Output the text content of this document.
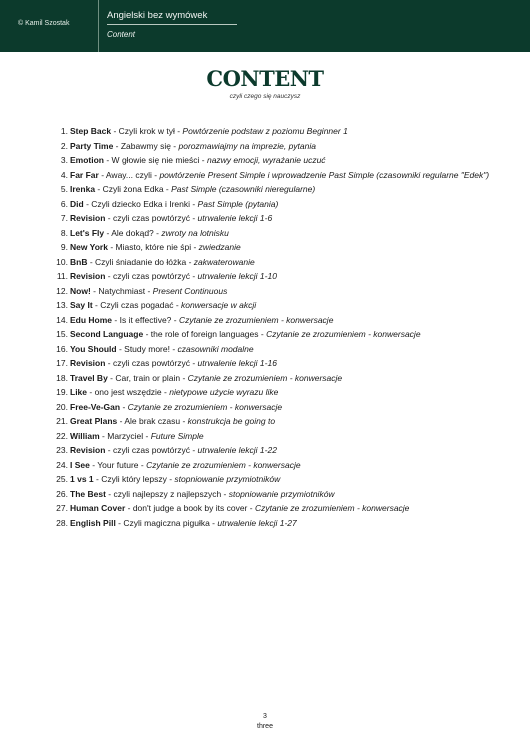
© Kamil Szostak
Angielski bez wymówek
Content
CONTENT
czyli czego się nauczysz
1. Step Back - Czyli krok w tył - Powtórzenie podstaw z poziomu Beginner 1
2. Party Time - Zabawmy się - porozmawiajmy na imprezie, pytania
3. Emotion - W głowie się nie mieści - nazwy emocji, wyrażanie uczuć
4. Far Far - Away... czyli - powtórzenie Present Simple i wprowadzenie Past Simple (czasowniki regularne "Edek")
5. Irenka - Czyli żona Edka - Past Simple (czasowniki nieregularne)
6. Did - Czyli dziecko Edka i Irenki - Past Simple (pytania)
7. Revision - czyli czas powtórzyć - utrwalenie lekcji 1-6
8. Let's Fly - Ale dokąd? - zwroty na lotnisku
9. New York - Miasto, które nie śpi - zwiedzanie
10. BnB - Czyli śniadanie do łóżka - zakwaterowanie
11. Revision - czyli czas powtórzyć - utrwalenie lekcji 1-10
12. Now! - Natychmiast - Present Continuous
13. Say It - Czyli czas pogadać - konwersacje w akcji
14. Edu Home - Is it effective? - Czytanie ze zrozumieniem - konwersacje
15. Second Language - the role of foreign languages - Czytanie ze zrozumieniem - konwersacje
16. You Should - Study more! - czasowniki modalne
17. Revision - czyli czas powtórzyć - utrwalenie lekcji 1-16
18. Travel By - Car, train or plain - Czytanie ze zrozumieniem - konwersacje
19. Like - ono jest wszędzie - nietypowe użycie wyrazu like
20. Free-Ve-Gan - Czytanie ze zrozumieniem - konwersacje
21. Great Plans - Ale brak czasu - konstrukcja be going to
22. William - Marzyciel - Future Simple
23. Revision - czyli czas powtórzyć - utrwalenie lekcji 1-22
24. I See - Your future - Czytanie ze zrozumieniem - konwersacje
25. 1 vs 1 - Czyli który lepszy - stopniowanie przymiotników
26. The Best - czyli najlepszy z najlepszych - stopniowanie przymiotników
27. Human Cover - don't judge a book by its cover - Czytanie ze zrozumieniem - konwersacje
28. English Pill - Czyli magiczna pigułka - utrwalenie lekcji 1-27
3
three
